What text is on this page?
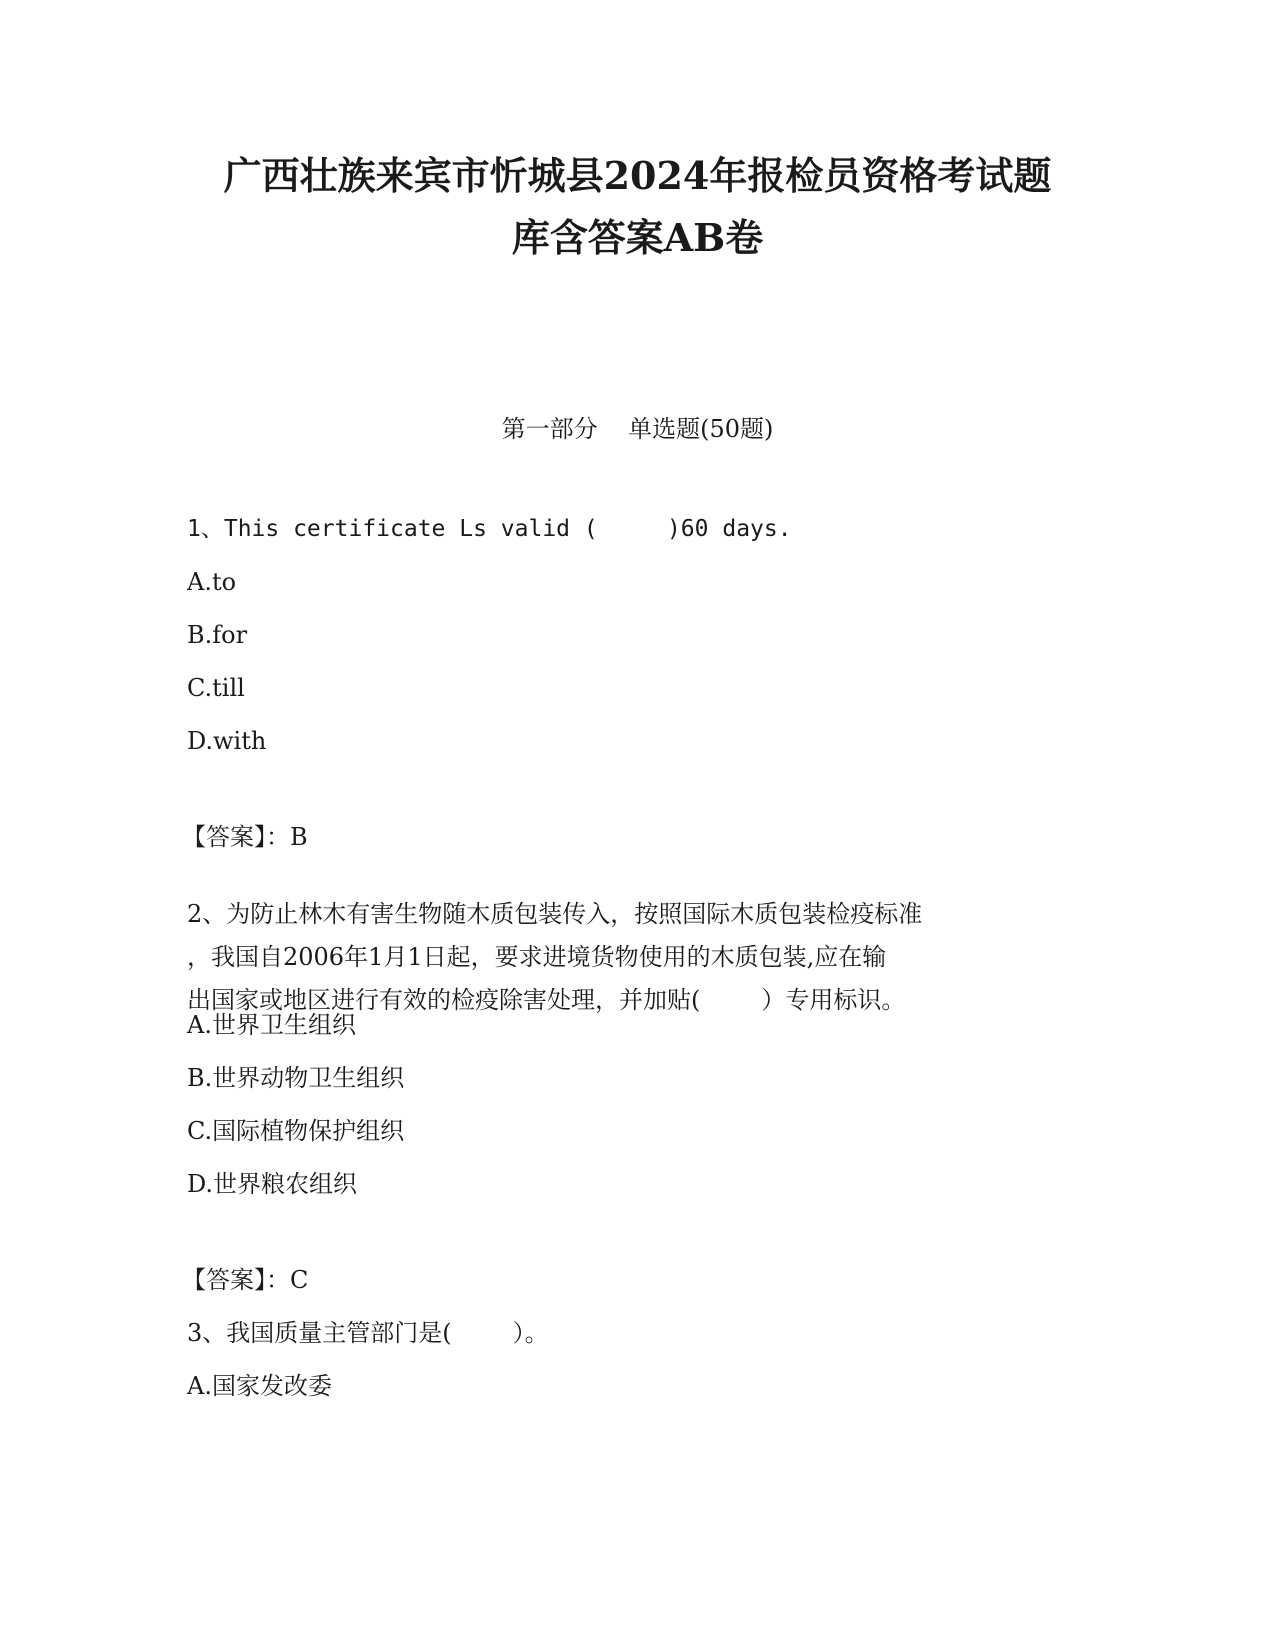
广西壮族来宾市忻城县2024年报检员资格考试题
库含答案AB卷
第一部分    单选题(50题)
1、This certificate Ls valid (     )60 days.
A.to
B.for
C.till
D.with
【答案】：B
2、为防止林木有害生物随木质包装传入，按照国际木质包装检疫标准
，我国自2006年1月1日起，要求进境货物使用的木质包装,应在输
出国家或地区进行有效的检疫除害处理，并加贴(        ）专用标识。
A.世界卫生组织
B.世界动物卫生组织
C.国际植物保护组织
D.世界粮农组织
【答案】：C
3、我国质量主管部门是(        ）。
A.国家发改委
